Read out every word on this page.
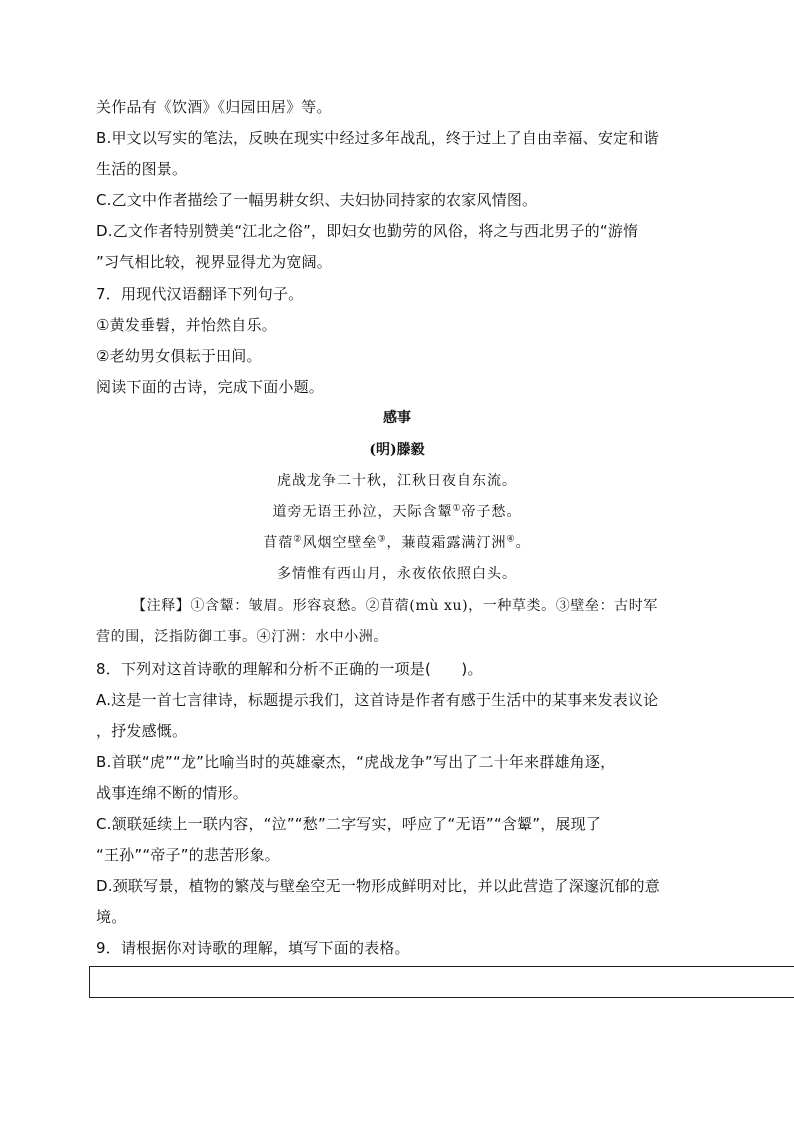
关作品有《饮酒》《归园田居》等。
B.甲文以写实的笔法，反映在现实中经过多年战乱，终于过上了自由幸福、安定和谐
生活的图景。
C.乙文中作者描绘了一幅男耕女织、夫妇协同持家的农家风情图。
D.乙文作者特别赞美“江北之俗”，即妇女也勤劳的风俗，将之与西北男子的“游惰
”习气相比较，视界显得尤为宽阔。
7．用现代汉语翻译下列句子。
①黄发垂髫，并怡然自乐。
②老幼男女俱耘于田间。
阅读下面的古诗，完成下面小题。
感事
(明)滕毅
虎战龙争二十秋，江秋日夜自东流。
道旁无语王孙泣，天际含颦①帝子愁。
苜蓿②风烟空壁垒③，蒹葭霜露满汀洲④。
多情惟有西山月，永夜依依照白头。
【注释】①含颦：皱眉。形容哀愁。②苜蓿(mù xu)，一种草类。③壁垒：古时军
营的围，泛指防御工事。④汀洲：水中小洲。
8．下列对这首诗歌的理解和分析不正确的一项是(　　)。
A.这是一首七言律诗，标题提示我们，这首诗是作者有感于生活中的某事来发表议论
，抒发感慨。
B.首联“虎”“龙”比喻当时的英雄豪杰，“虎战龙争”写出了二十年来群雄角逐，
战事连绵不断的情形。
C.颔联延续上一联内容，“泣”“愁”二字写实，呼应了“无语”“含颦”，展现了
“王孙”“帝子”的悲苦形象。
D.颈联写景，植物的繁茂与壁垒空无一物形成鲜明对比，并以此营造了深邃沉郁的意
境。
9．请根据你对诗歌的理解，填写下面的表格。
